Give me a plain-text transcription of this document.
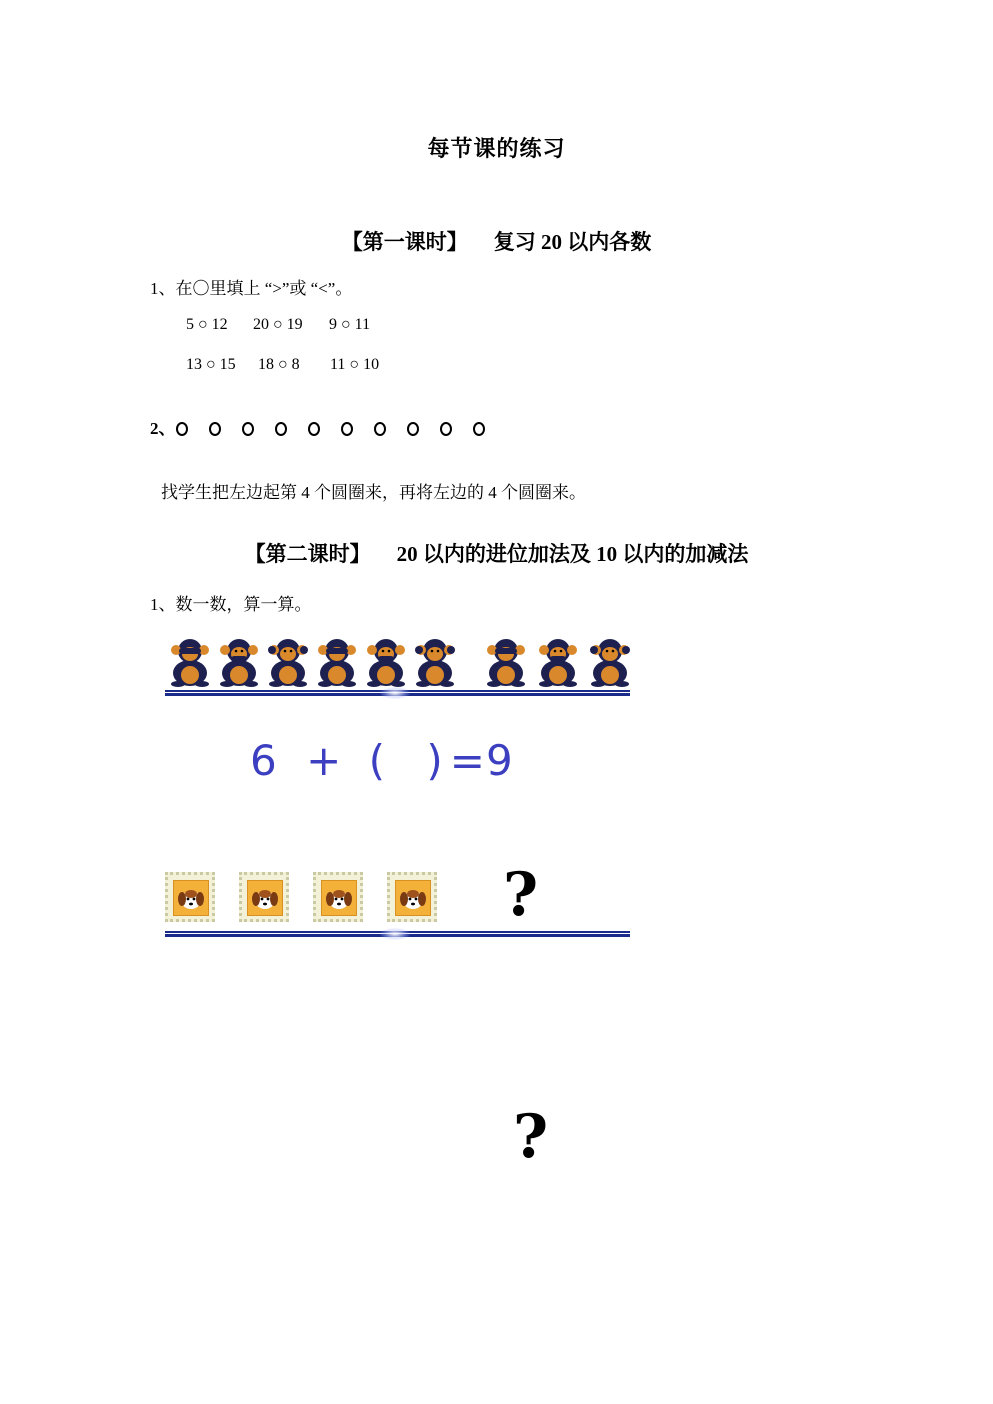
每节课的练习
【第一课时】 复习 20 以内各数
1、在〇里填上 “>”或 “<”。
5 ○ 12 20 ○ 19 9 ○ 11
13 ○ 15 18 ○ 8 11 ○ 10
2、
找学生把左边起第 4 个圆圈来，再将左边的 4 个圆圈来。
【第二课时】 20 以内的进位加法及 10 以内的加减法
1、数一数，算一算。
6 + ( ) =9
?
?
